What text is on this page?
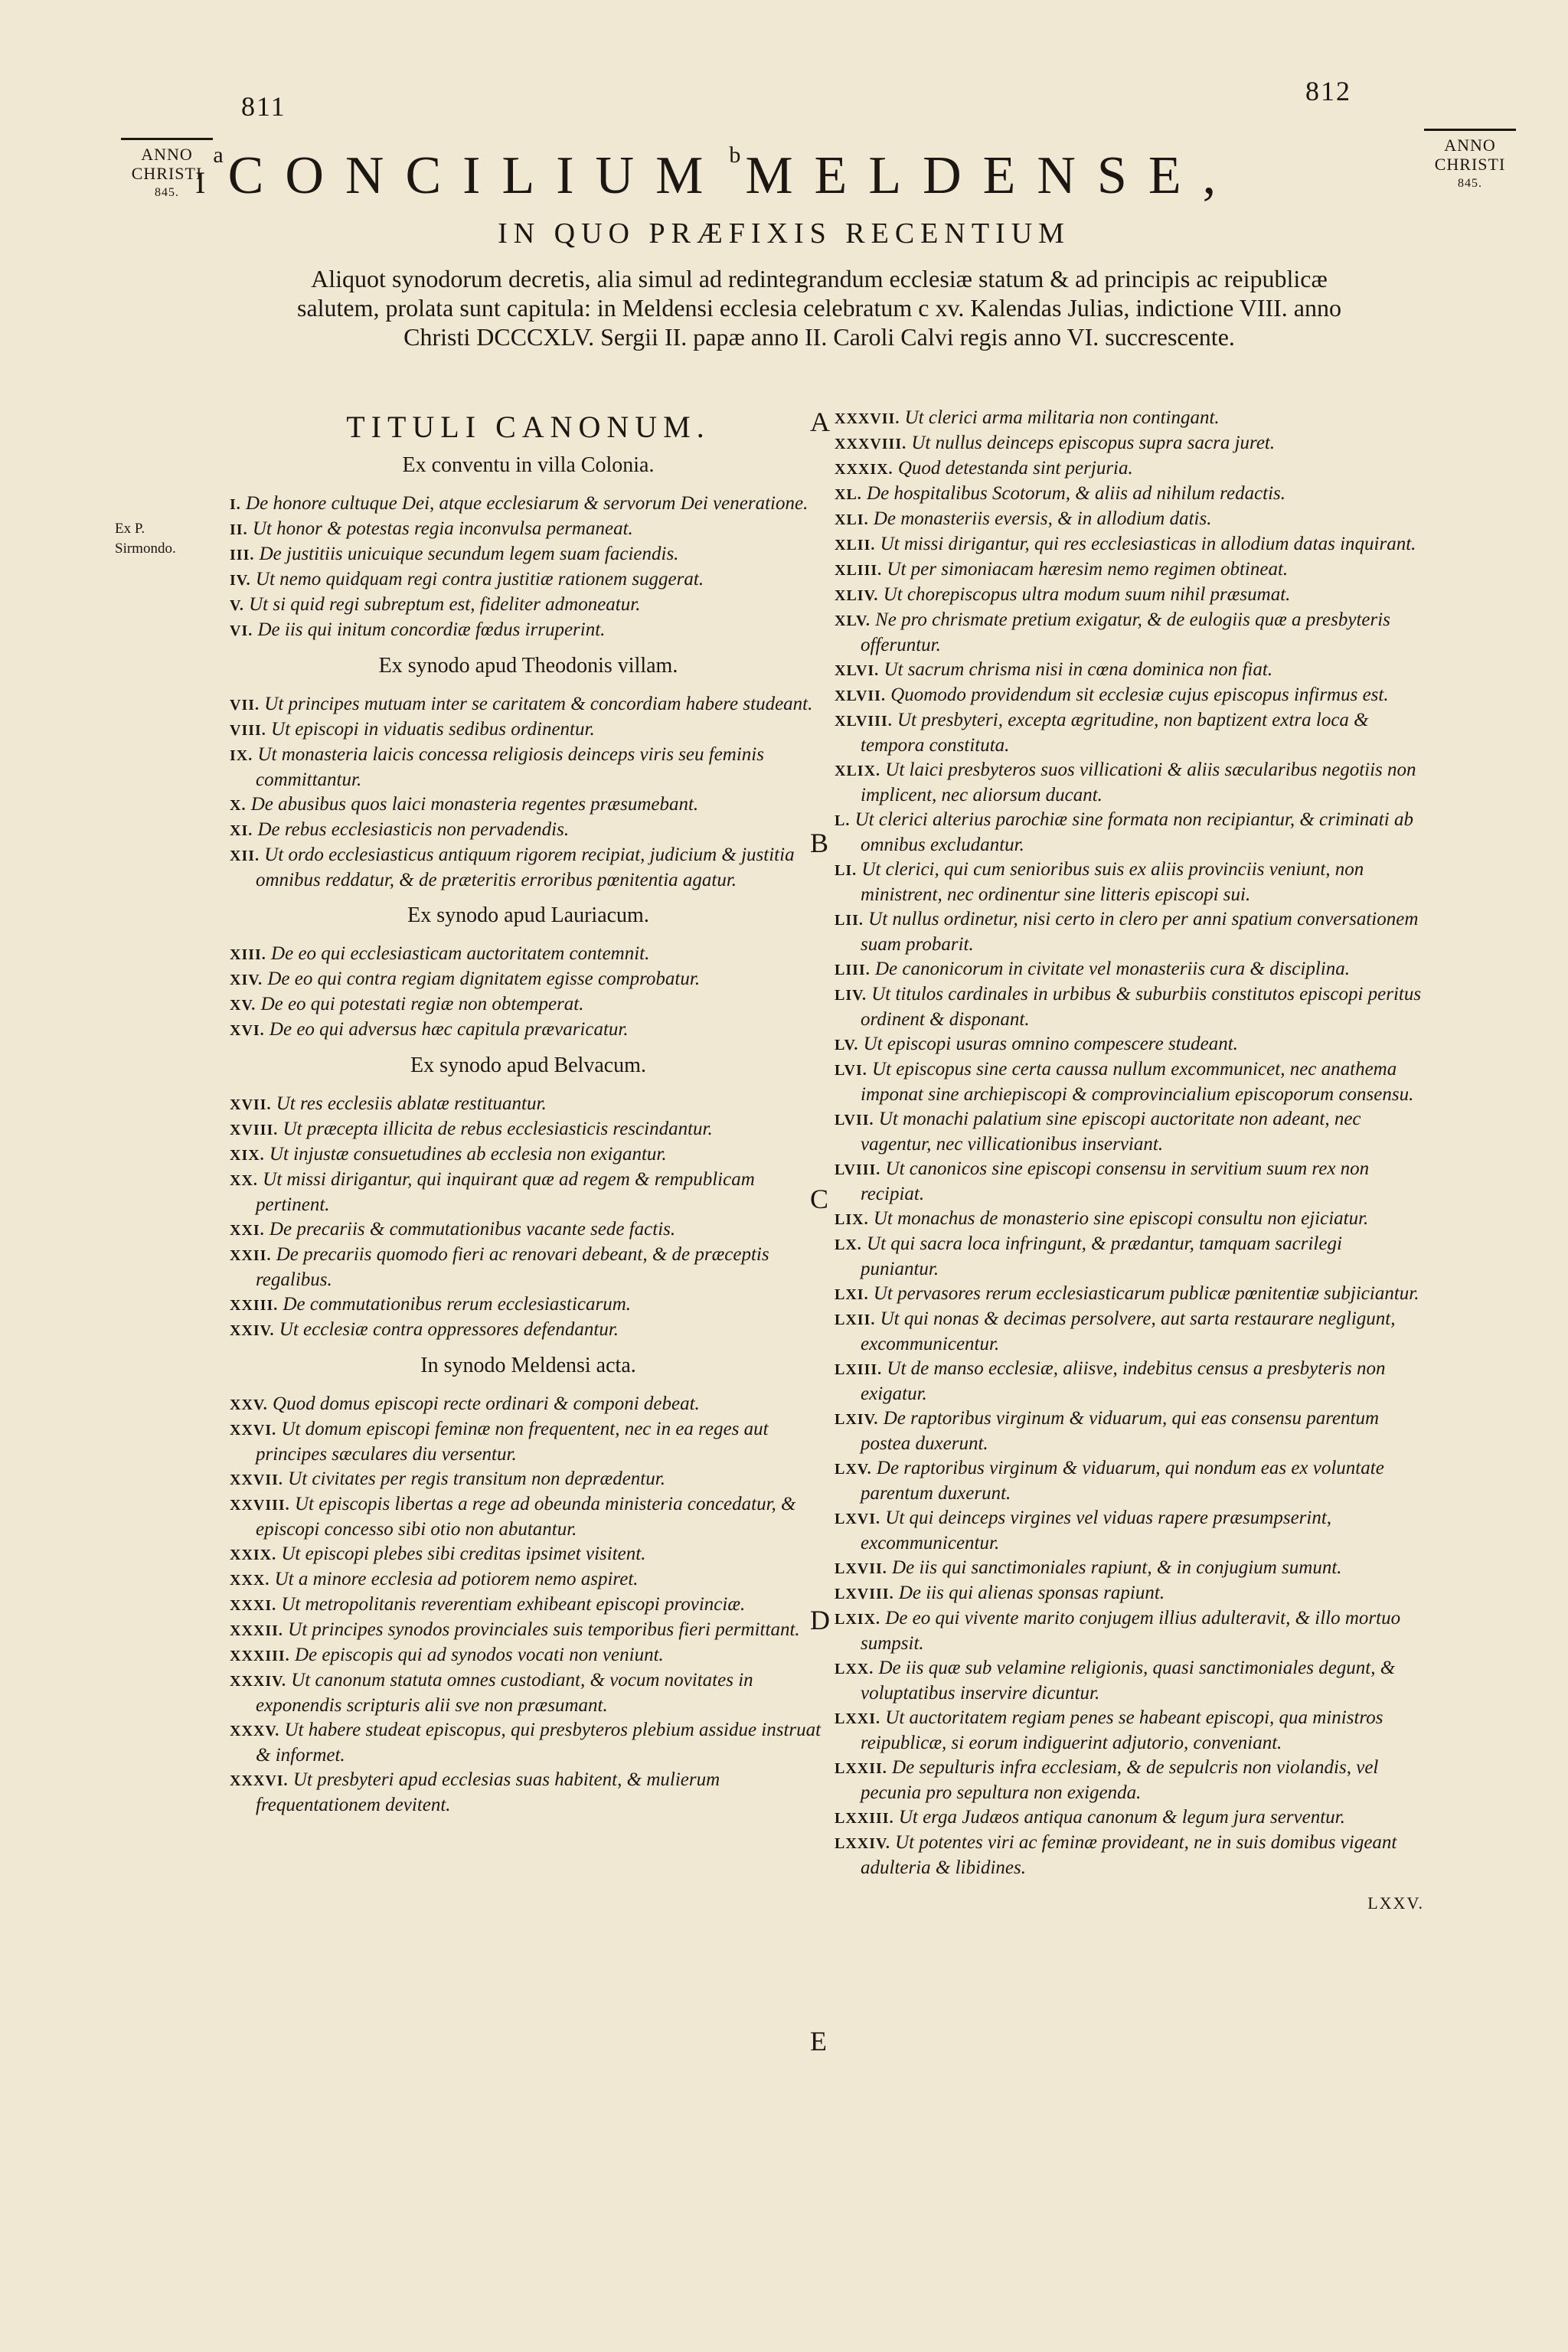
811	812
ANNO
CHRISTI
845.
ANNO
CHRISTI
845.
$I^aCONCILIUM$ $^b$MELDENSE,
IN QUO PRÆFIXIS RECENTIUM
Aliquot synodorum decretis, alia simul ad redintegrandum ecclesiæ statum & ad principis ac reipublicæ salutem, prolata sunt capitula: in Meldensi ecclesia celebratum c xv. Kalendas Julias, indictione VIII. anno Christi DCCCXLV. Sergii II. papæ anno II. Caroli Calvi regis anno VI. succrescente.
Ex P. Sirmondo.
A
B
C
D
E
TITULI CANONUM.
Ex conventu in villa Colonia.

I. De honore cultuque Dei, atque ecclesiarum & servorum Dei veneratione.

II. Ut honor & potestas regia inconvulsa permaneat.

III. De justitiis unicuique secundum legem suam faciendis.

IV. Ut nemo quidquam regi contra justitiæ rationem suggerat.

V. Ut si quid regi subreptum est, fideliter admoneatur.

VI. De iis qui initum concordiæ fœdus irruperint.

Ex synodo apud Theodonis villam.

VII. Ut principes mutuam inter se caritatem & concordiam habere studeant.

VIII. Ut episcopi in viduatis sedibus ordinentur.

IX. Ut monasteria laicis concessa religiosis deinceps viris seu feminis committantur.

X. De abusibus quos laici monasteria regentes præsumebant.

XI. De rebus ecclesiasticis non pervadendis.

XII. Ut ordo ecclesiasticus antiquum rigorem recipiat, judicium & justitia omnibus reddatur, & de præteritis erroribus pœnitentia agatur.

Ex synodo apud Lauriacum.

XIII. De eo qui ecclesiasticam auctoritatem contemnit.

XIV. De eo qui contra regiam dignitatem egisse comprobatur.

XV. De eo qui potestati regiæ non obtemperat.

XVI. De eo qui adversus hæc capitula prævaricatur.

Ex synodo apud Belvacum.

XVII. Ut res ecclesiis ablatæ restituantur.

XVIII. Ut præcepta illicita de rebus ecclesiasticis rescindantur.

XIX. Ut injustæ consuetudines ab ecclesia non exigantur.

XX. Ut missi dirigantur, qui inquirant quæ ad regem & rempublicam pertinent.

XXI. De precariis & commutationibus vacante sede factis.

XXII. De precariis quomodo fieri ac renovari debeant, & de præceptis regalibus.

XXIII. De commutationibus rerum ecclesiasticarum.

XXIV. Ut ecclesiæ contra oppressores defendantur.

In synodo Meldensi acta.

XXV. Quod domus episcopi recte ordinari & componi debeat.

XXVI. Ut domum episcopi feminæ non frequentent, nec in ea reges aut principes sæculares diu versentur.

XXVII. Ut civitates per regis transitum non deprædentur.

XXVIII. Ut episcopis libertas a rege ad obeunda ministeria concedatur, & episcopi concesso sibi otio non abutantur.

XXIX. Ut episcopi plebes sibi creditas ipsimet visitent.

XXX. Ut a minore ecclesia ad potiorem nemo aspiret.

XXXI. Ut metropolitanis reverentiam exhibeant episcopi provinciæ.

XXXII. Ut principes synodos provinciales suis temporibus fieri permittant.

XXXIII. De episcopis qui ad synodos vocati non veniunt.

XXXIV. Ut canonum statuta omnes custodiant, & vocum novitates in exponendis scripturis alii sve non præsumant.

XXXV. Ut habere studeat episcopus, qui presbyteros plebium assidue instruat & informet.

XXXVI. Ut presbyteri apud ecclesias suas habitent, & mulierum frequentationem devitent.

XXXVII. Ut clerici arma militaria non contingant.

XXXVIII. Ut nullus deinceps episcopus supra sacra juret.

XXXIX. Quod detestanda sint perjuria.

XL. De hospitalibus Scotorum, & aliis ad nihilum redactis.

XLI. De monasteriis eversis, & in allodium datis.

XLII. Ut missi dirigantur, qui res ecclesiasticas in allodium datas inquirant.

XLIII. Ut per simoniacam hæresim nemo regimen obtineat.

XLIV. Ut chorepiscopus ultra modum suum nihil præsumat.

XLV. Ne pro chrismate pretium exigatur, & de eulogiis quæ a presbyteris offeruntur.

XLVI. Ut sacrum chrisma nisi in cœna dominica non fiat.

XLVII. Quomodo providendum sit ecclesiæ cujus episcopus infirmus est.

XLVIII. Ut presbyteri, excepta ægritudine, non baptizent extra loca & tempora constituta.

XLIX. Ut laici presbyteros suos villicationi & aliis sæcularibus negotiis non implicent, nec aliorsum ducant.

L. Ut clerici alterius parochiæ sine formata non recipiantur, & criminati ab omnibus excludantur.

LI. Ut clerici, qui cum senioribus suis ex aliis provinciis veniunt, non ministrent, nec ordinentur sine litteris episcopi sui.

LII. Ut nullus ordinetur, nisi certo in clero per anni spatium conversationem suam probarit.

LIII. De canonicorum in civitate vel monasteriis cura & disciplina.

LIV. Ut titulos cardinales in urbibus & suburbiis constitutos episcopi peritus ordinent & disponant.

LV. Ut episcopi usuras omnino compescere studeant.

LVI. Ut episcopus sine certa caussa nullum excommunicet, nec anathema imponat sine archiepiscopi & comprovincialium episcoporum consensu.

LVII. Ut monachi palatium sine episcopi auctoritate non adeant, nec vagentur, nec villicationibus inserviant.

LVIII. Ut canonicos sine episcopi consensu in servitium suum rex non recipiat.

LIX. Ut monachus de monasterio sine episcopi consultu non ejiciatur.

LX. Ut qui sacra loca infringunt, & prædantur, tamquam sacrilegi puniantur.

LXI. Ut pervasores rerum ecclesiasticarum publicæ pœnitentiæ subjiciantur.

LXII. Ut qui nonas & decimas persolvere, aut sarta restaurare negligunt, excommunicentur.

LXIII. Ut de manso ecclesiæ, aliisve, indebitus census a presbyteris non exigatur.

LXIV. De raptoribus virginum & viduarum, qui eas consensu parentum postea duxerunt.

LXV. De raptoribus virginum & viduarum, qui nondum eas ex voluntate parentum duxerunt.

LXVI. Ut qui deinceps virgines vel viduas rapere præsumpserint, excommunicentur.

LXVII. De iis qui sanctimoniales rapiunt, & in conjugium sumunt.

LXVIII. De iis qui alienas sponsas rapiunt.

LXIX. De eo qui vivente marito conjugem illius adulteravit, & illo mortuo sumpsit.

LXX. De iis quæ sub velamine religionis, quasi sanctimoniales degunt, & voluptatibus inservire dicuntur.

LXXI. Ut auctoritatem regiam penes se habeant episcopi, qua ministros reipublicæ, si eorum indiguerint adjutorio, conveniant.

LXXII. De sepulturis infra ecclesiam, & de sepulcris non violandis, vel pecunia pro sepultura non exigenda.

LXXIII. Ut erga Judæos antiqua canonum & legum jura serventur.

LXXIV. Ut potentes viri ac feminæ provideant, ne in suis domibus vigeant adulteria & libidines.

LXXV.
